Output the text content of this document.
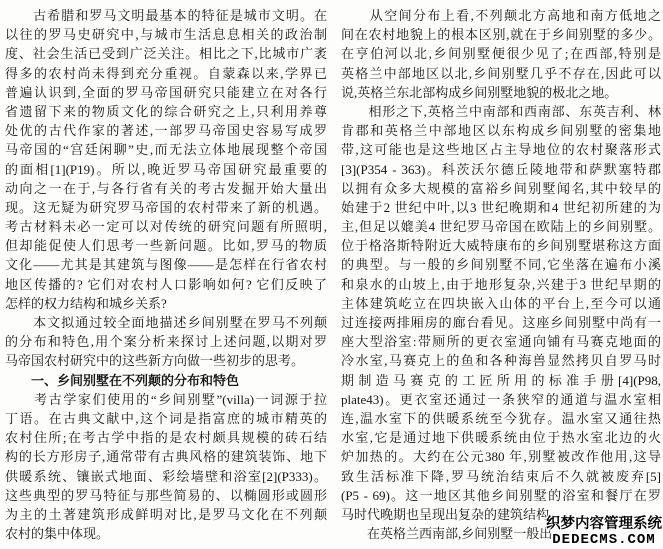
　　古希腊和罗马文明最基本的特征是城市文明。在
以往的罗马史研究中,与城市生活息息相关的政治制
度、社会生活已受到广泛关注。相比之下,比城市广袤
得多的农村尚未得到充分重视。自蒙森以来,学界已
普遍认识到,全面的罗马帝国研究只能建立在对各行
省遗留下来的物质文化的综合研究之上,只利用养尊
处优的古代作家的著述,一部罗马帝国史容易写成罗
马帝国的“宫廷闲聊”史,而无法立体地展现整个帝国
的面相[1](P19)。所以,晚近罗马帝国研究最重要的
动向之一在于,与各行省有关的考古发掘开始大量出
现。这无疑为研究罗马帝国的农村带来了新的机遇。
考古材料未必一定可以对传统的研究问题有所照明,
但却能促使人们思考一些新问题。比如,罗马的物质
文化——尤其是其建筑与图像——是怎样在行省农村
地区传播的? 它们对农村人口影响如何? 它们反映了
怎样的权力结构和城乡关系?
　　本文拟通过较全面地描述乡间别墅在罗马不列颠
的分布和特色,用个案分析来探讨上述问题,以期对罗
马帝国农村研究中的这些新方向做一些初步的思考。
　　一、乡间别墅在不列颠的分布和特色
　　考古学家们使用的“乡间别墅”(villa)一词源于拉
丁语。在古典文献中,这个词是指富庶的城市精英的
农村住所;在考古学中指的是农村颇具规模的砖石结
构的长方形房子,通常带有古典风格的建筑装饰、地下
供暖系统、镶嵌式地面、彩绘墙壁和浴室[2](P333)。
这些典型的罗马特征与那些简易的、以椭圆形或圆形
为主的土著建筑形成鲜明对比,是罗马文化在不列颠
农村的集中体现。
　　从空间分布上看,不列颠北方高地和南方低地之
间在农村地貌上的根本区别,就在于乡间别墅的多少。
在亨伯河以北,乡间别墅便很少见了;在西部,特别是
英格兰中部地区以北,乡间别墅几乎不存在,因此可以
说,英格兰东北部构成乡间别墅地貌的极北之地。
　　相形之下,英格兰中南部和西南部、东英吉利、林
肯郡和英格兰中部地区以东构成乡间别墅的密集地
带,这可能也是这些地区占主导地位的农村聚落形式
[3](P354 - 363)。科茨沃尔德丘陵地带和萨默塞特郡
以拥有众多大规模的富裕乡间别墅闻名,其中较早的
始建于2 世纪中叶,以3 世纪晚期和4 世纪初所建的为
主,但足以媲美4 世纪罗马帝国在欧陆上的乡间别墅。
位于格洛斯特附近大威特康布的乡间别墅堪称这方面
的典型。与一般的乡间别墅不同,它坐落在遍布小溪
和泉水的山坡上,由于地形复杂,兴建于3 世纪早期的
主体建筑屹立在四块嵌入山体的平台上,至今可以通
过连接两排厢房的廊台看见。这座乡间别墅中尚有一
座大型浴室:带厕所的更衣室通向铺有马赛克地面的
冷水室,马赛克上的鱼和各种海兽显然拷贝自罗马时
期制造马赛克的工匠所用的标准手册[4](P98,
plate43)。更衣室还通过一条狭窄的通道与温水室相
连,温水室下的供暖系统至今犹存。温水室又通往热
水室,它是通过地下供暖系统由位于热水室北边的火
炉加热的。大约在公元380 年,别墅被改作他用,这导
致生活标准下降,罗马统治结束后不久就被废弃[5]
(P5 - 69)。这一地区其他乡间别墅的浴室和餐厅在罗
马时代晚期也呈现出复杂的建筑结构。
　　在英格兰西南部,乡间别墅一般出
织梦内容管理系统
DEDECMS.COM
